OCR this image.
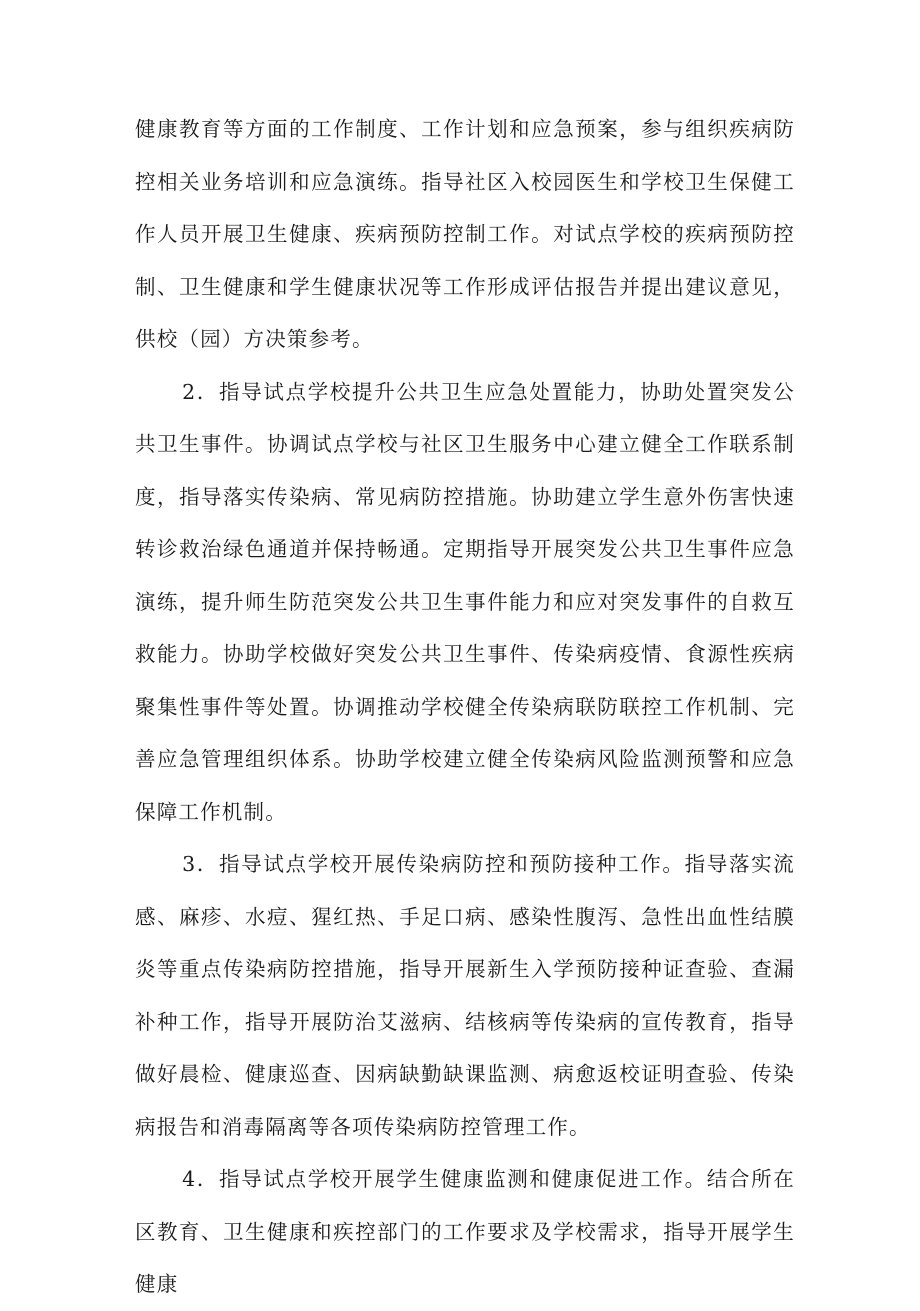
健康教育等方面的工作制度、工作计划和应急预案，参与组织疾病防控相关业务培训和应急演练。指导社区入校园医生和学校卫生保健工作人员开展卫生健康、疾病预防控制工作。对试点学校的疾病预防控制、卫生健康和学生健康状况等工作形成评估报告并提出建议意见，供校（园）方决策参考。

2．指导试点学校提升公共卫生应急处置能力，协助处置突发公共卫生事件。协调试点学校与社区卫生服务中心建立健全工作联系制度，指导落实传染病、常见病防控措施。协助建立学生意外伤害快速转诊救治绿色通道并保持畅通。定期指导开展突发公共卫生事件应急演练，提升师生防范突发公共卫生事件能力和应对突发事件的自救互救能力。协助学校做好突发公共卫生事件、传染病疫情、食源性疾病聚集性事件等处置。协调推动学校健全传染病联防联控工作机制、完善应急管理组织体系。协助学校建立健全传染病风险监测预警和应急保障工作机制。

3．指导试点学校开展传染病防控和预防接种工作。指导落实流感、麻疹、水痘、猩红热、手足口病、感染性腹泻、急性出血性结膜炎等重点传染病防控措施，指导开展新生入学预防接种证查验、查漏补种工作，指导开展防治艾滋病、结核病等传染病的宣传教育，指导做好晨检、健康巡查、因病缺勤缺课监测、病愈返校证明查验、传染病报告和消毒隔离等各项传染病防控管理工作。

4．指导试点学校开展学生健康监测和健康促进工作。结合所在区教育、卫生健康和疾控部门的工作要求及学校需求，指导开展学生健康
